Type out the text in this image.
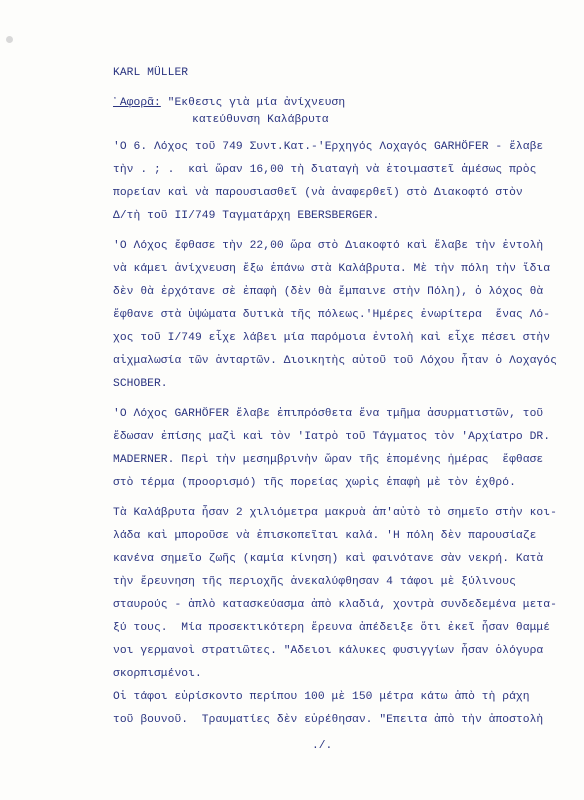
KARL MÜLLER
᾽Αφορᾶ: "Εκθεσις γιὰ μία ἀνίχνευση
κατεύθυνση Καλάβρυτα
'Ο 6. Λόχος τοῦ 749 Συντ.Κατ.-'Ερχηγός Λοχαγός GARHÖFER - ἔλαβε
τὴν . ; .  καὶ ὥραν 16,00 τὴ διαταγὴ νὰ ἑτοιμαστεῖ ἀμέσως πρὸς
πορείαν καὶ νὰ παρουσιασθεῖ (νὰ ἀναφερθεῖ) στὸ Διακοφτό στὸν
Δ/τὴ τοῦ II/749 Ταγματάρχη EBERSBERGER.
'Ο Λόχος ἔφθασε τὴν 22,00 ὥρα στὸ Διακοφτό καὶ ἔλαβε τὴν ἐντολὴ
νὰ κάμει ἀνίχνευση ἔξω ἐπάνω στὰ Καλάβρυτα. Μὲ τὴν πόλη τὴν ἴδια
δὲν θὰ ἐρχότανε σὲ ἐπαφὴ (δὲν θὰ ἔμπαινε στὴν Πόλη), ὁ λόχος θὰ
ἔφθανε στὰ ὑψώματα δυτικὰ τῆς πόλεως.'Ημέρες ἐνωρίτερα  ἕνας Λό-
χος τοῦ I/749 εἶχε λάβει μία παρόμοια ἐντολὴ καὶ εἶχε πέσει στὴν
αἰχμαλωσία τῶν ἀνταρτῶν. Διοικητὴς αὐτοῦ τοῦ Λόχου ἦταν ὁ Λοχαγός
SCHOBER.
'Ο Λόχος GARHÖFER ἔλαβε ἐπιπρόσθετα ἕνα τμῆμα ἀσυρματιστῶν, τοῦ
ἔδωσαν ἐπίσης μαζὶ καὶ τὸν 'Ιατρὸ τοῦ Τάγματος τὸν 'Αρχίατρο DR.
MADERNER. Περὶ τὴν μεσημβρινὴν ὥραν τῆς ἑπομένης ἡμέρας  ἔφθασε
στὸ τέρμα (προορισμό) τῆς πορείας χωρὶς ἐπαφὴ μὲ τὸν ἐχθρό.
Τὰ Καλάβρυτα ἦσαν 2 χιλιόμετρα μακρυὰ ἀπ'αὐτὸ τὸ σημεῖο στὴν κοι-
λάδα καὶ μποροῦσε νὰ ἐπισκοπεῖται καλά. 'Η πόλη δὲν παρουσίαζε
κανένα σημεῖο ζωῆς (καμία κίνηση) καὶ φαινότανε σὰν νεκρή. Κατὰ
τὴν ἔρευνηση τῆς περιοχῆς ἀνεκαλύφθησαν 4 τάφοι μὲ ξύλινους
σταυρούς - ἁπλὸ κατασκεύασμα ἀπὸ κλαδιά, χοντρὰ συνδεδεμένα μετα-
ξύ τους.  Μία προσεκτικότερη ἔρευνα ἀπέδειξε ὅτι ἐκεῖ ἦσαν θαμμέ
νοι γερμανοὶ στρατιῶτες. "Αδειοι κάλυκες φυσιγγίων ἦσαν ὁλόγυρα
σκορπισμένοι.
Οἱ τάφοι εὑρίσκοντο περίπου 100 μὲ 150 μέτρα κάτω ἀπὸ τὴ ράχη
./.
τοῦ βουνοῦ.  Τραυματίες δὲν εὑρέθησαν. "Επειτα ἀπὸ τὴν ἀποστολὴ
